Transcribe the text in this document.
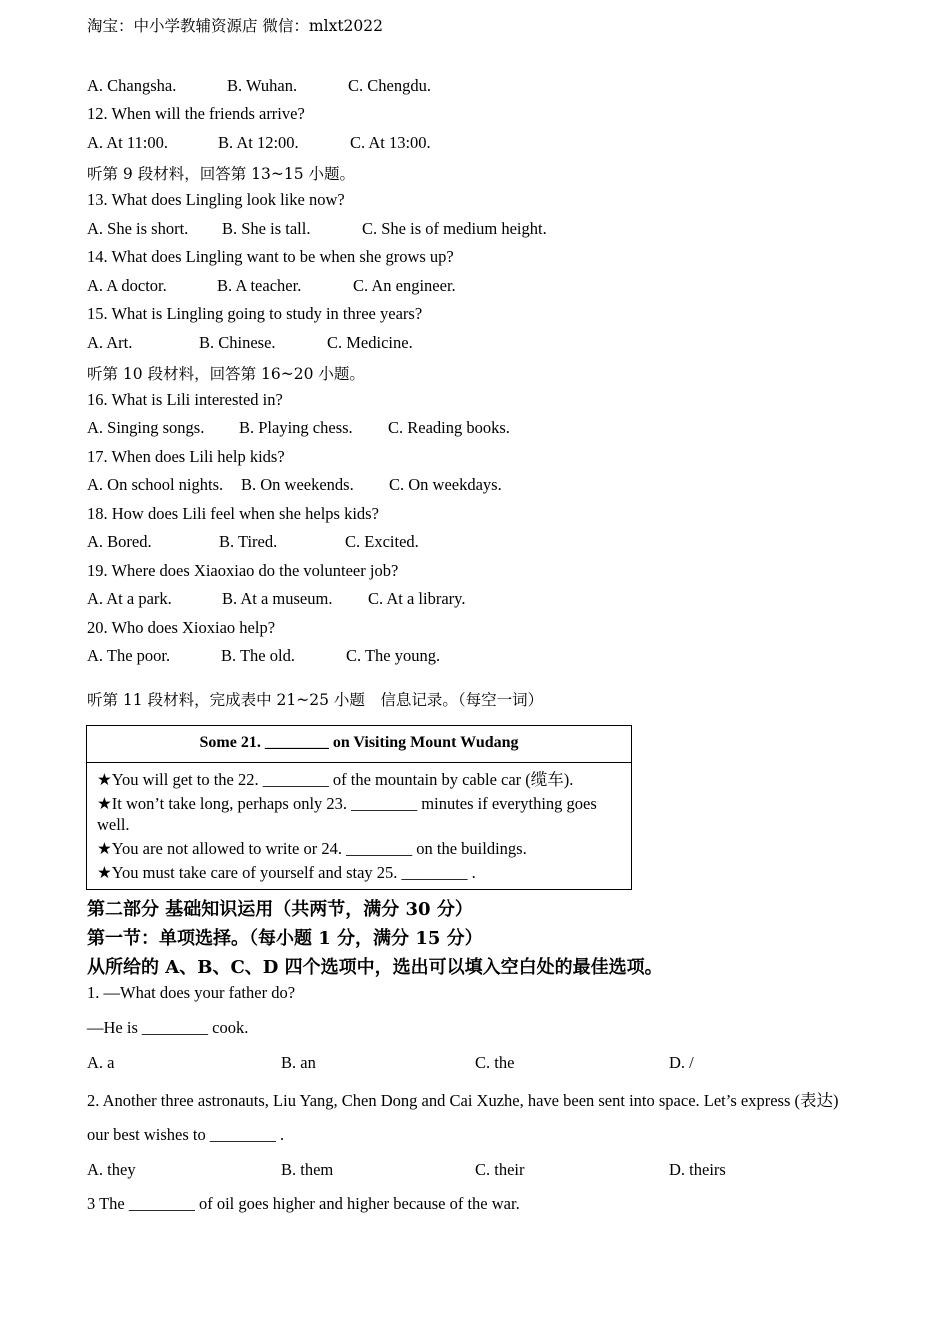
淘宝：中小学教辅资源店 微信：mlxt2022
A. Changsha.	B. Wuhan.	C. Chengdu.
12. When will the friends arrive?
A. At 11:00.	B. At 12:00.	C. At 13:00.
听第 9 段材料，回答第 13~15 小题。
13. What does Lingling look like now?
A. She is short. B. She is tall.	C. She is of medium height.
14. What does Lingling want to be when she grows up?
A. A doctor.	B. A teacher.	C. An engineer.
15. What is Lingling going to study in three years?
A. Art.	B. Chinese.	C. Medicine.
听第 10 段材料，回答第 16~20 小题。
16. What is Lili interested in?
A. Singing songs. B. Playing chess. C. Reading books.
17. When does Lili help kids?
A. On school nights. B. On weekends. C. On weekdays.
18. How does Lili feel when she helps kids?
A. Bored.	B. Tired.	C. Excited.
19. Where does Xiaoxiao do the volunteer job?
A. At a park.	B. At a museum. C. At a library.
20. Who does Xioxiao help?
A. The poor.	B. The old.	C. The young.
听第 11 段材料，完成表中 21~25 小题　信息记录。（每空一词）
Some 21. ________ on Visiting Mount Wudang
★You will get to the 22. ________ of the mountain by cable car (缆车).
★It won’t take long, perhaps only 23. ________ minutes if everything goes well.
★You are not allowed to write or 24. ________ on the buildings.
★You must take care of yourself and stay 25. ________ .
第二部分 基础知识运用（共两节，满分 30 分）
第一节：单项选择。（每小题 1 分，满分 15 分）
从所给的 A、B、C、D 四个选项中，选出可以填入空白处的最佳选项。
1. —What does your father do?
—He is ________ cook.
A. a	B. an	C. the	D. /
2. Another three astronauts, Liu Yang, Chen Dong and Cai Xuzhe, have been sent into space. Let’s express (表达)
our best wishes to ________ .
A. they	B. them	C. their	D. theirs
3 The ________ of oil goes higher and higher because of the war.
